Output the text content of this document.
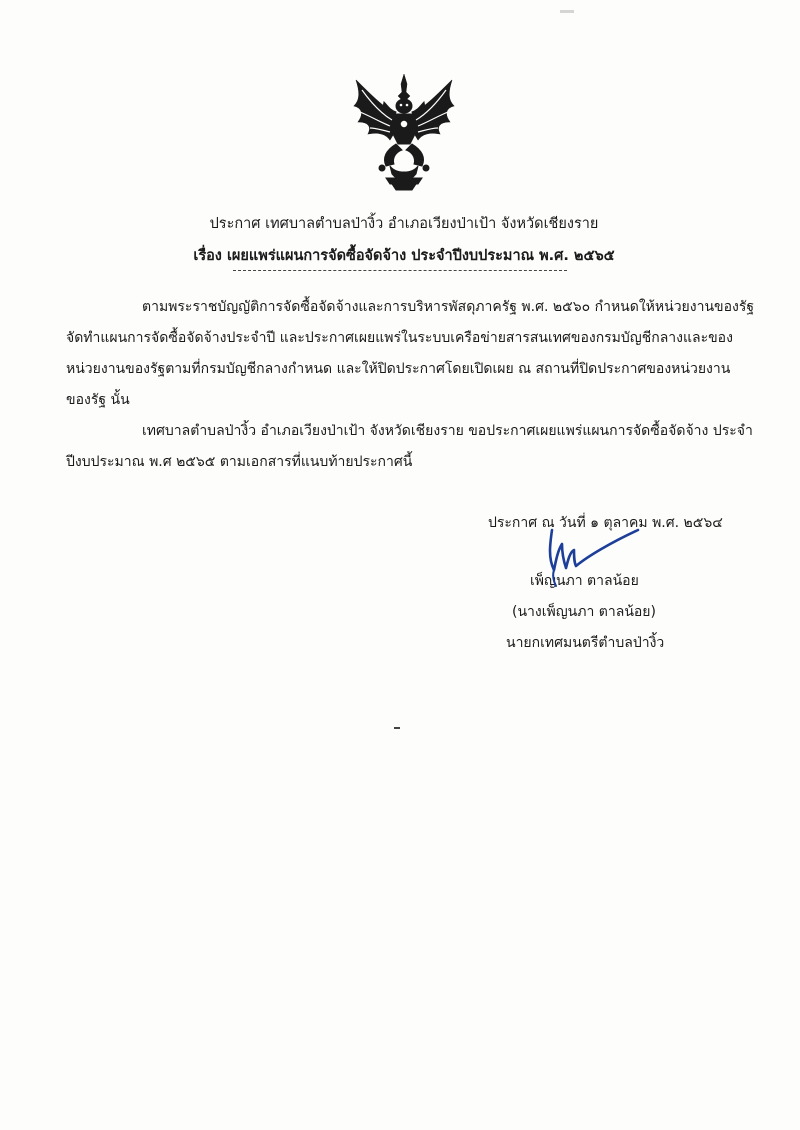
ประกาศ เทศบาลตำบลป่างิ้ว อำเภอเวียงป่าเป้า จังหวัดเชียงราย
เรื่อง เผยแพร่แผนการจัดซื้อจัดจ้าง ประจำปีงบประมาณ พ.ศ. ๒๕๖๕
ตามพระราชบัญญัติการจัดซื้อจัดจ้างและการบริหารพัสดุภาครัฐ พ.ศ. ๒๕๖๐ กำหนดให้หน่วยงานของรัฐ
จัดทำแผนการจัดซื้อจัดจ้างประจำปี และประกาศเผยแพร่ในระบบเครือข่ายสารสนเทศของกรมบัญชีกลางและของ
หน่วยงานของรัฐตามที่กรมบัญชีกลางกำหนด และให้ปิดประกาศโดยเปิดเผย ณ สถานที่ปิดประกาศของหน่วยงาน
ของรัฐ นั้น
เทศบาลตำบลป่างิ้ว อำเภอเวียงป่าเป้า จังหวัดเชียงราย ขอประกาศเผยแพร่แผนการจัดซื้อจัดจ้าง ประจำ
ปีงบประมาณ พ.ศ ๒๕๖๕ ตามเอกสารที่แนบท้ายประกาศนี้
ประกาศ ณ วันที่ ๑ ตุลาคม พ.ศ. ๒๕๖๔
เพ็ญนภา ตาลน้อย
(นางเพ็ญนภา ตาลน้อย)
นายกเทศมนตรีตำบลป่างิ้ว
